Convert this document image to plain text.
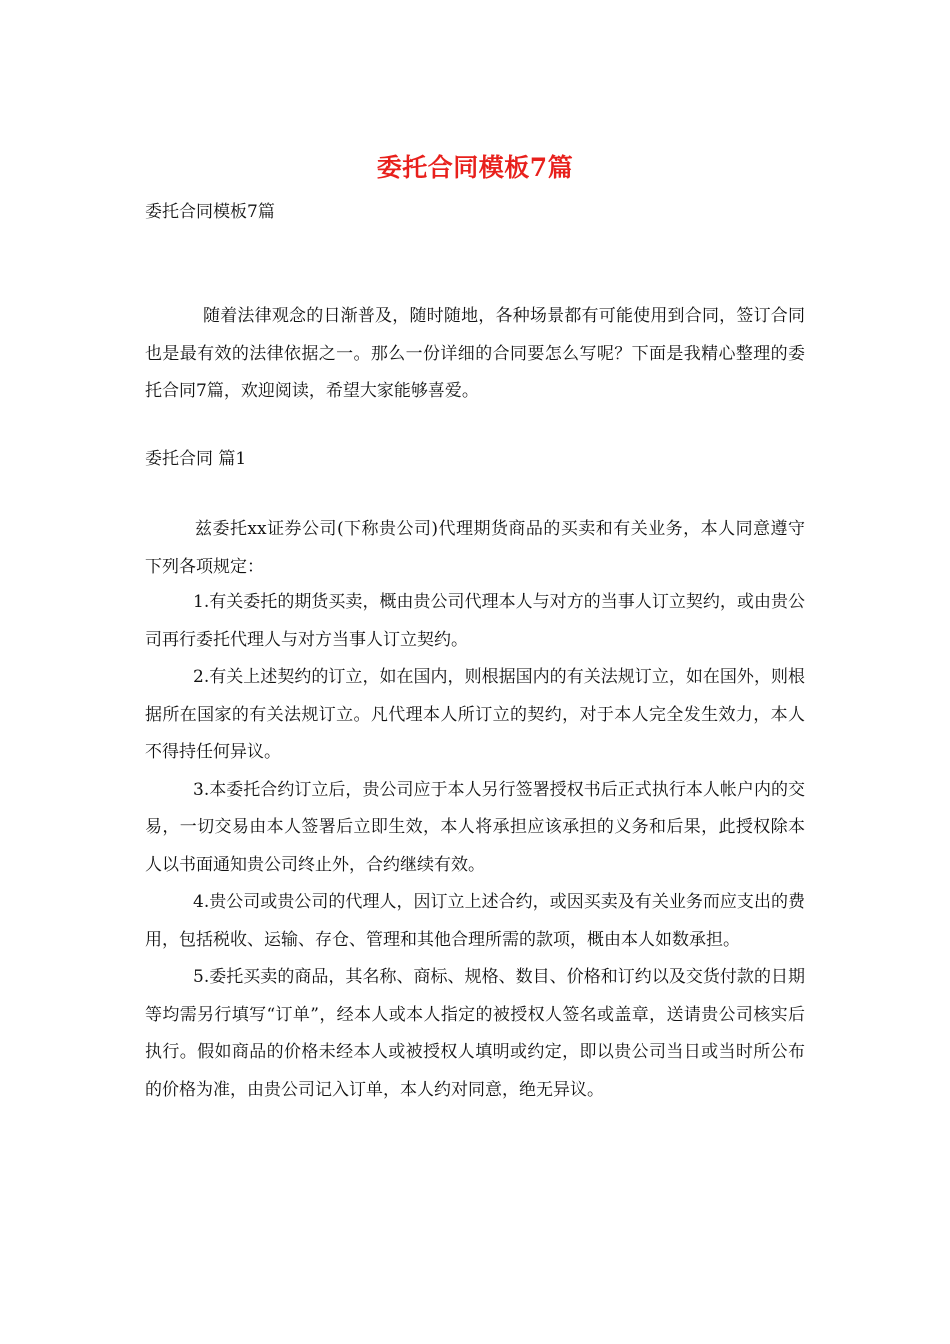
委托合同模板7篇
委托合同模板7篇

随着法律观念的日渐普及，随时随地，各种场景都有可能使用到合同，签订合同也是最有效的法律依据之一。那么一份详细的合同要怎么写呢？下面是我精心整理的委托合同7篇，欢迎阅读，希望大家能够喜爱。

委托合同 篇1

兹委托xx证券公司(下称贵公司)代理期货商品的买卖和有关业务，本人同意遵守下列各项规定：

1.有关委托的期货买卖，概由贵公司代理本人与对方的当事人订立契约，或由贵公司再行委托代理人与对方当事人订立契约。

2.有关上述契约的订立，如在国内，则根据国内的有关法规订立，如在国外，则根据所在国家的有关法规订立。凡代理本人所订立的契约，对于本人完全发生效力，本人不得持任何异议。

3.本委托合约订立后，贵公司应于本人另行签署授权书后正式执行本人帐户内的交易，一切交易由本人签署后立即生效，本人将承担应该承担的义务和后果，此授权除本人以书面通知贵公司终止外，合约继续有效。

4.贵公司或贵公司的代理人，因订立上述合约，或因买卖及有关业务而应支出的费用，包括税收、运输、存仓、管理和其他合理所需的款项，概由本人如数承担。

5.委托买卖的商品，其名称、商标、规格、数目、价格和订约以及交货付款的日期等均需另行填写“订单”，经本人或本人指定的被授权人签名或盖章，送请贵公司核实后执行。假如商品的价格未经本人或被授权人填明或约定，即以贵公司当日或当时所公布的价格为准，由贵公司记入订单，本人约对同意，绝无异议。
